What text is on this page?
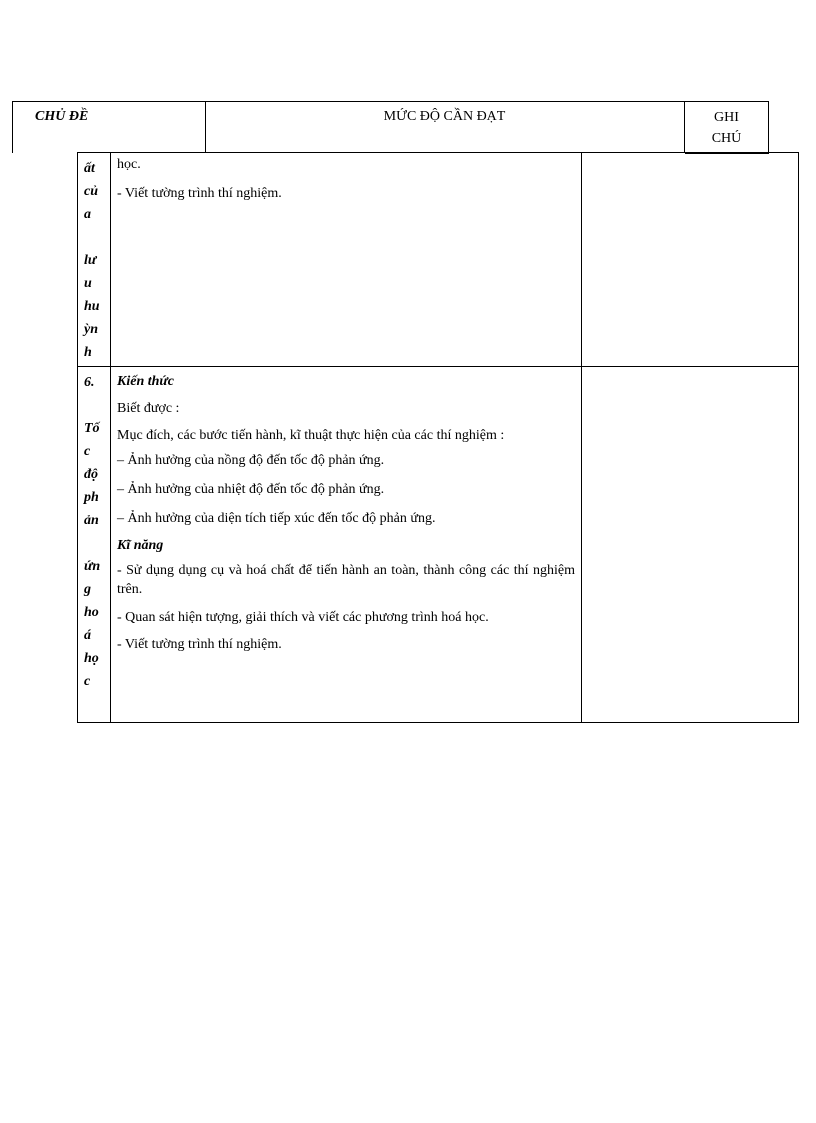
CHỦ ĐỀ	MỨC ĐỘ CẦN ĐẠT	GHI
CHÚ
ất
củ
a

lư
u
hu
ỳn
h

học.

- Viết tường trình thí nghiệm.

6.

Tố
c
độ
ph
ản

ứn
g
ho
á
họ
c

Kiến thức

Biết được :

Mục đích, các bước tiến hành, kĩ thuật thực hiện của các thí nghiệm :

– Ảnh hưởng của nồng độ đến tốc độ phản ứng.

– Ảnh hưởng của nhiệt độ đến tốc độ phản ứng.

– Ảnh hưởng của diện tích tiếp xúc đến tốc độ phản ứng.

Kĩ năng

- Sử dụng dụng cụ và hoá chất để tiến hành an toàn, thành công các thí nghiệm trên.

- Quan sát hiện tượng, giải thích và viết các phương trình hoá học.

- Viết tường trình thí nghiệm.
